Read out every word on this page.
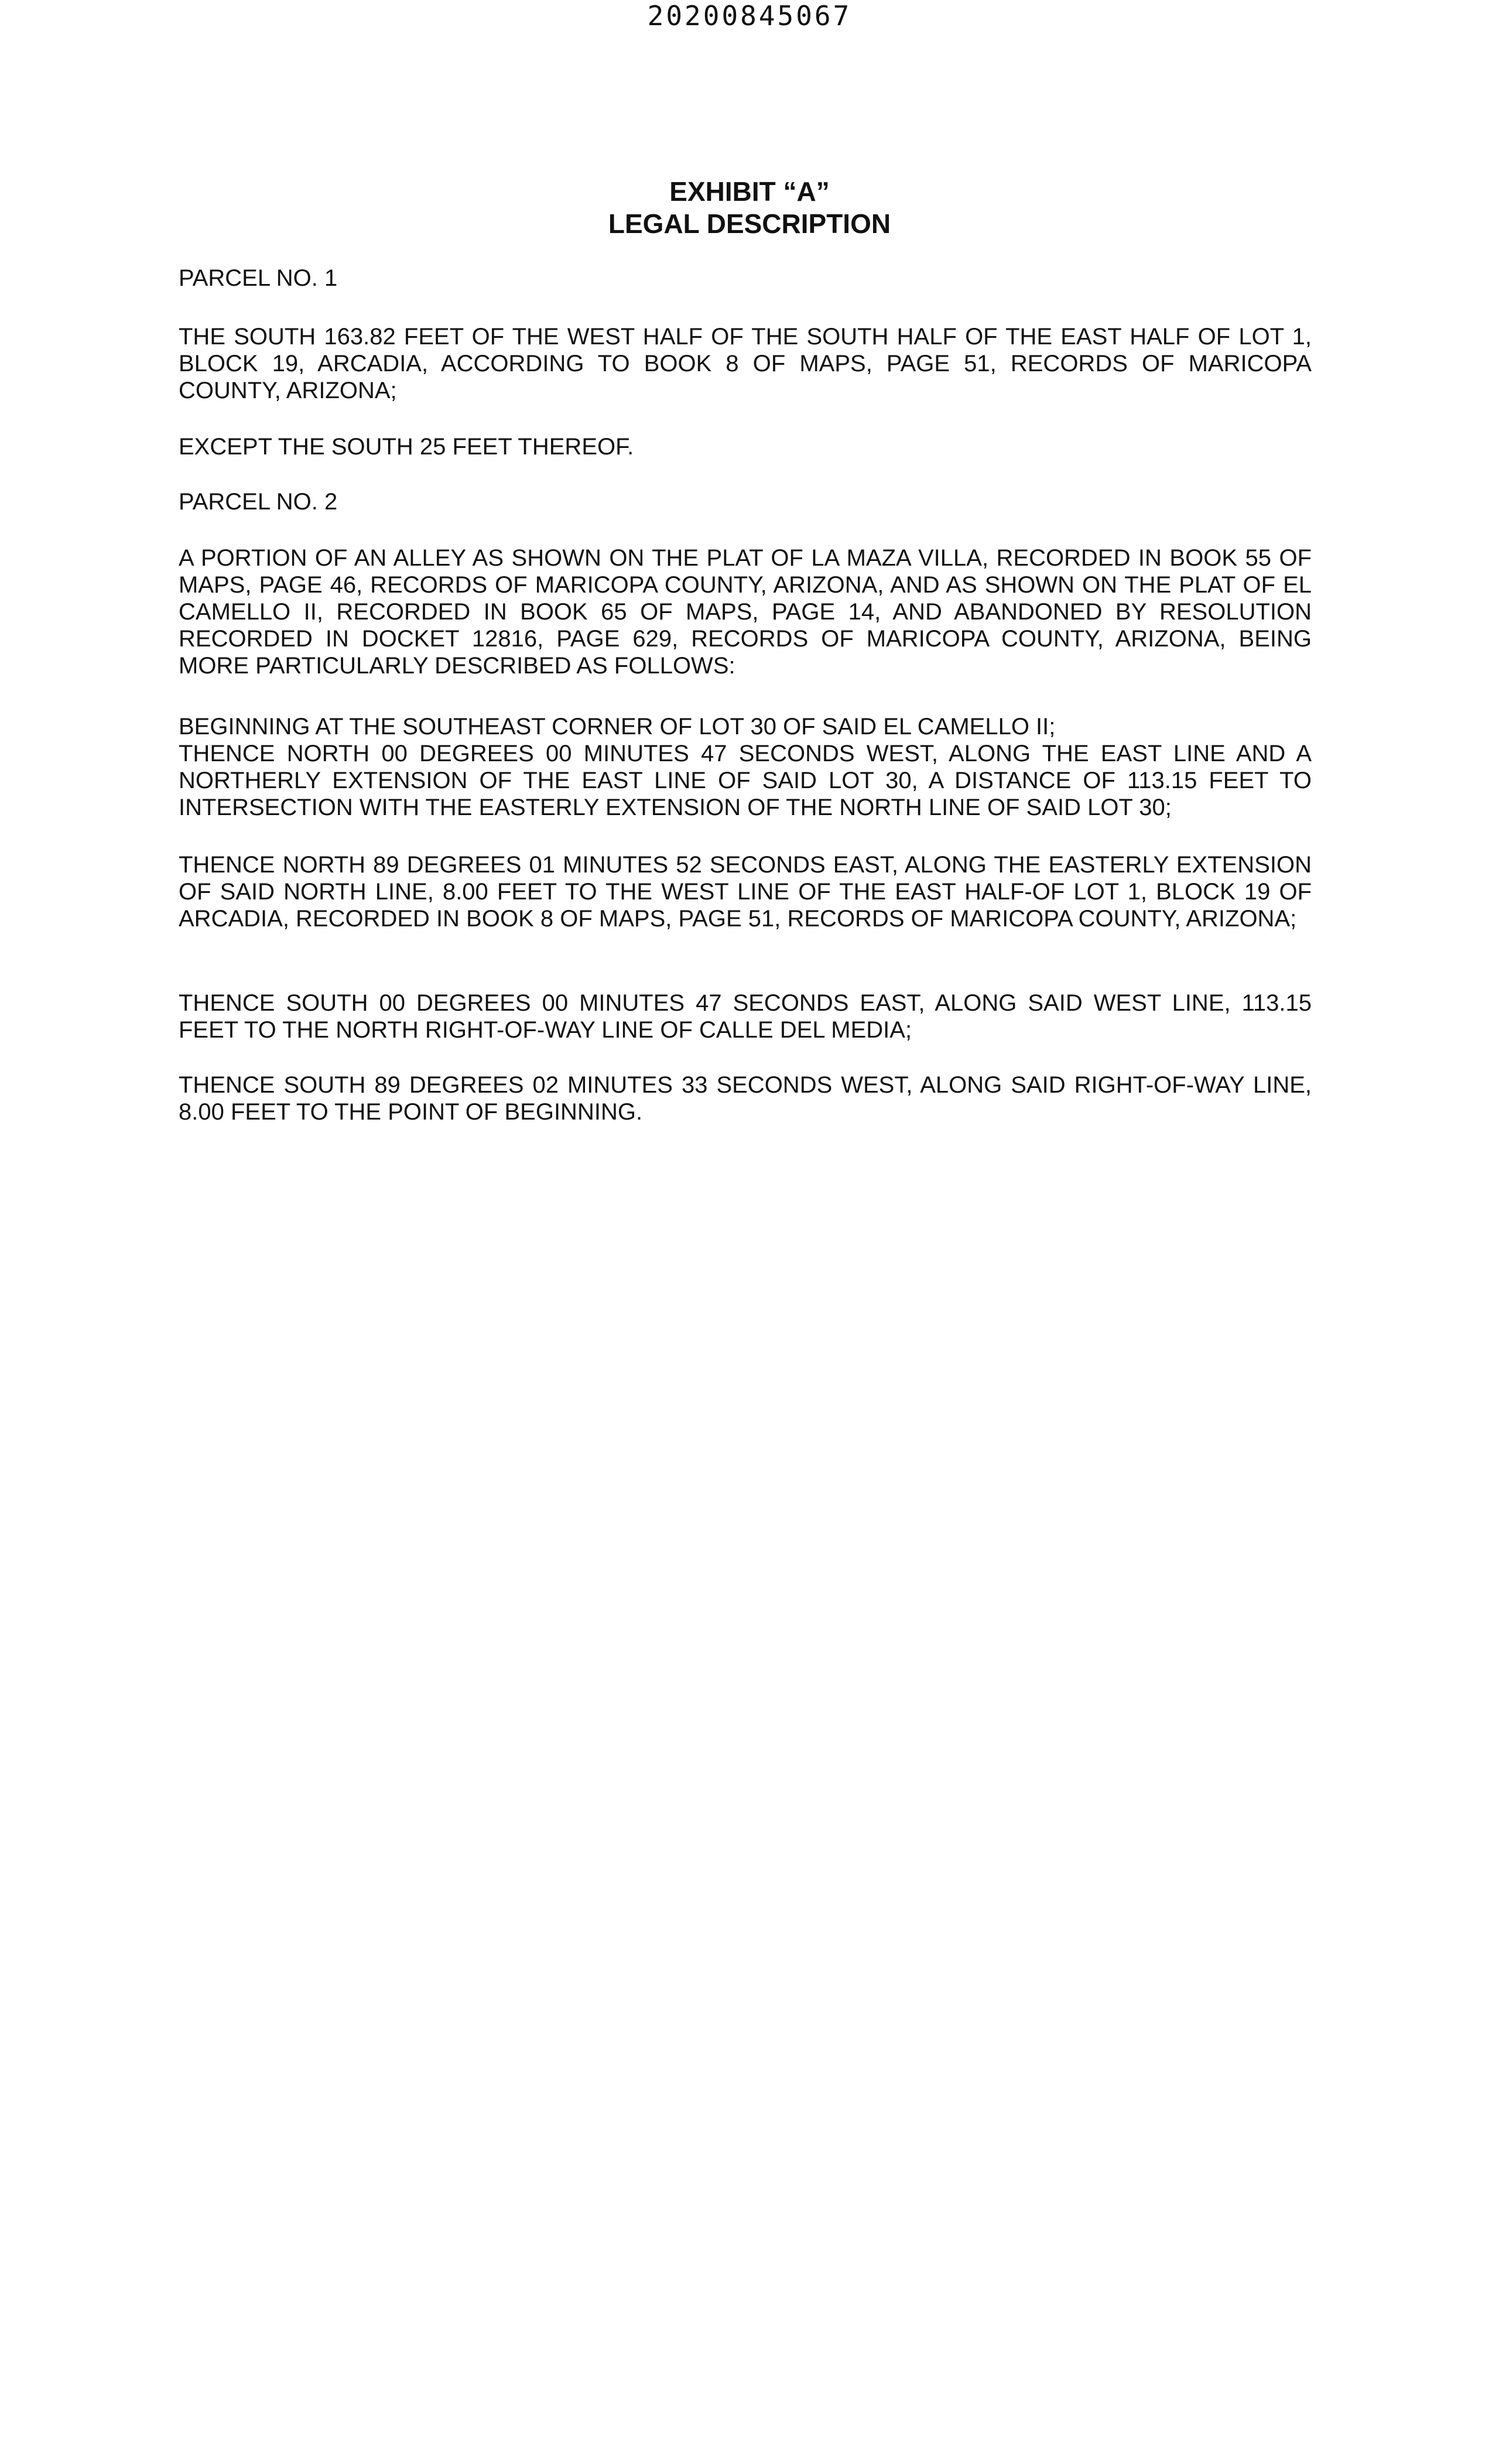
20200845067
EXHIBIT “A”
LEGAL DESCRIPTION
PARCEL NO. 1

THE SOUTH 163.82 FEET OF THE WEST HALF OF THE SOUTH HALF OF THE EAST HALF OF LOT 1, BLOCK 19, ARCADIA, ACCORDING TO BOOK 8 OF MAPS, PAGE 51, RECORDS OF MARICOPA COUNTY, ARIZONA;

EXCEPT THE SOUTH 25 FEET THEREOF.

PARCEL NO. 2

A PORTION OF AN ALLEY AS SHOWN ON THE PLAT OF LA MAZA VILLA, RECORDED IN BOOK 55 OF MAPS, PAGE 46, RECORDS OF MARICOPA COUNTY, ARIZONA, AND AS SHOWN ON THE PLAT OF EL CAMELLO II, RECORDED IN BOOK 65 OF MAPS, PAGE 14, AND ABANDONED BY RESOLUTION RECORDED IN DOCKET 12816, PAGE 629, RECORDS OF MARICOPA COUNTY, ARIZONA, BEING MORE PARTICULARLY DESCRIBED AS FOLLOWS:

BEGINNING AT THE SOUTHEAST CORNER OF LOT 30 OF SAID EL CAMELLO II;

THENCE NORTH 00 DEGREES 00 MINUTES 47 SECONDS WEST, ALONG THE EAST LINE AND A NORTHERLY EXTENSION OF THE EAST LINE OF SAID LOT 30, A DISTANCE OF 113.15 FEET TO INTERSECTION WITH THE EASTERLY EXTENSION OF THE NORTH LINE OF SAID LOT 30;

THENCE NORTH 89 DEGREES 01 MINUTES 52 SECONDS EAST, ALONG THE EASTERLY EXTENSION OF SAID NORTH LINE, 8.00 FEET TO THE WEST LINE OF THE EAST HALF-OF LOT 1, BLOCK 19 OF ARCADIA, RECORDED IN BOOK 8 OF MAPS, PAGE 51, RECORDS OF MARICOPA COUNTY, ARIZONA;

THENCE SOUTH 00 DEGREES 00 MINUTES 47 SECONDS EAST, ALONG SAID WEST LINE, 113.15 FEET TO THE NORTH RIGHT-OF-WAY LINE OF CALLE DEL MEDIA;

THENCE SOUTH 89 DEGREES 02 MINUTES 33 SECONDS WEST, ALONG SAID RIGHT-OF-WAY LINE, 8.00 FEET TO THE POINT OF BEGINNING.
